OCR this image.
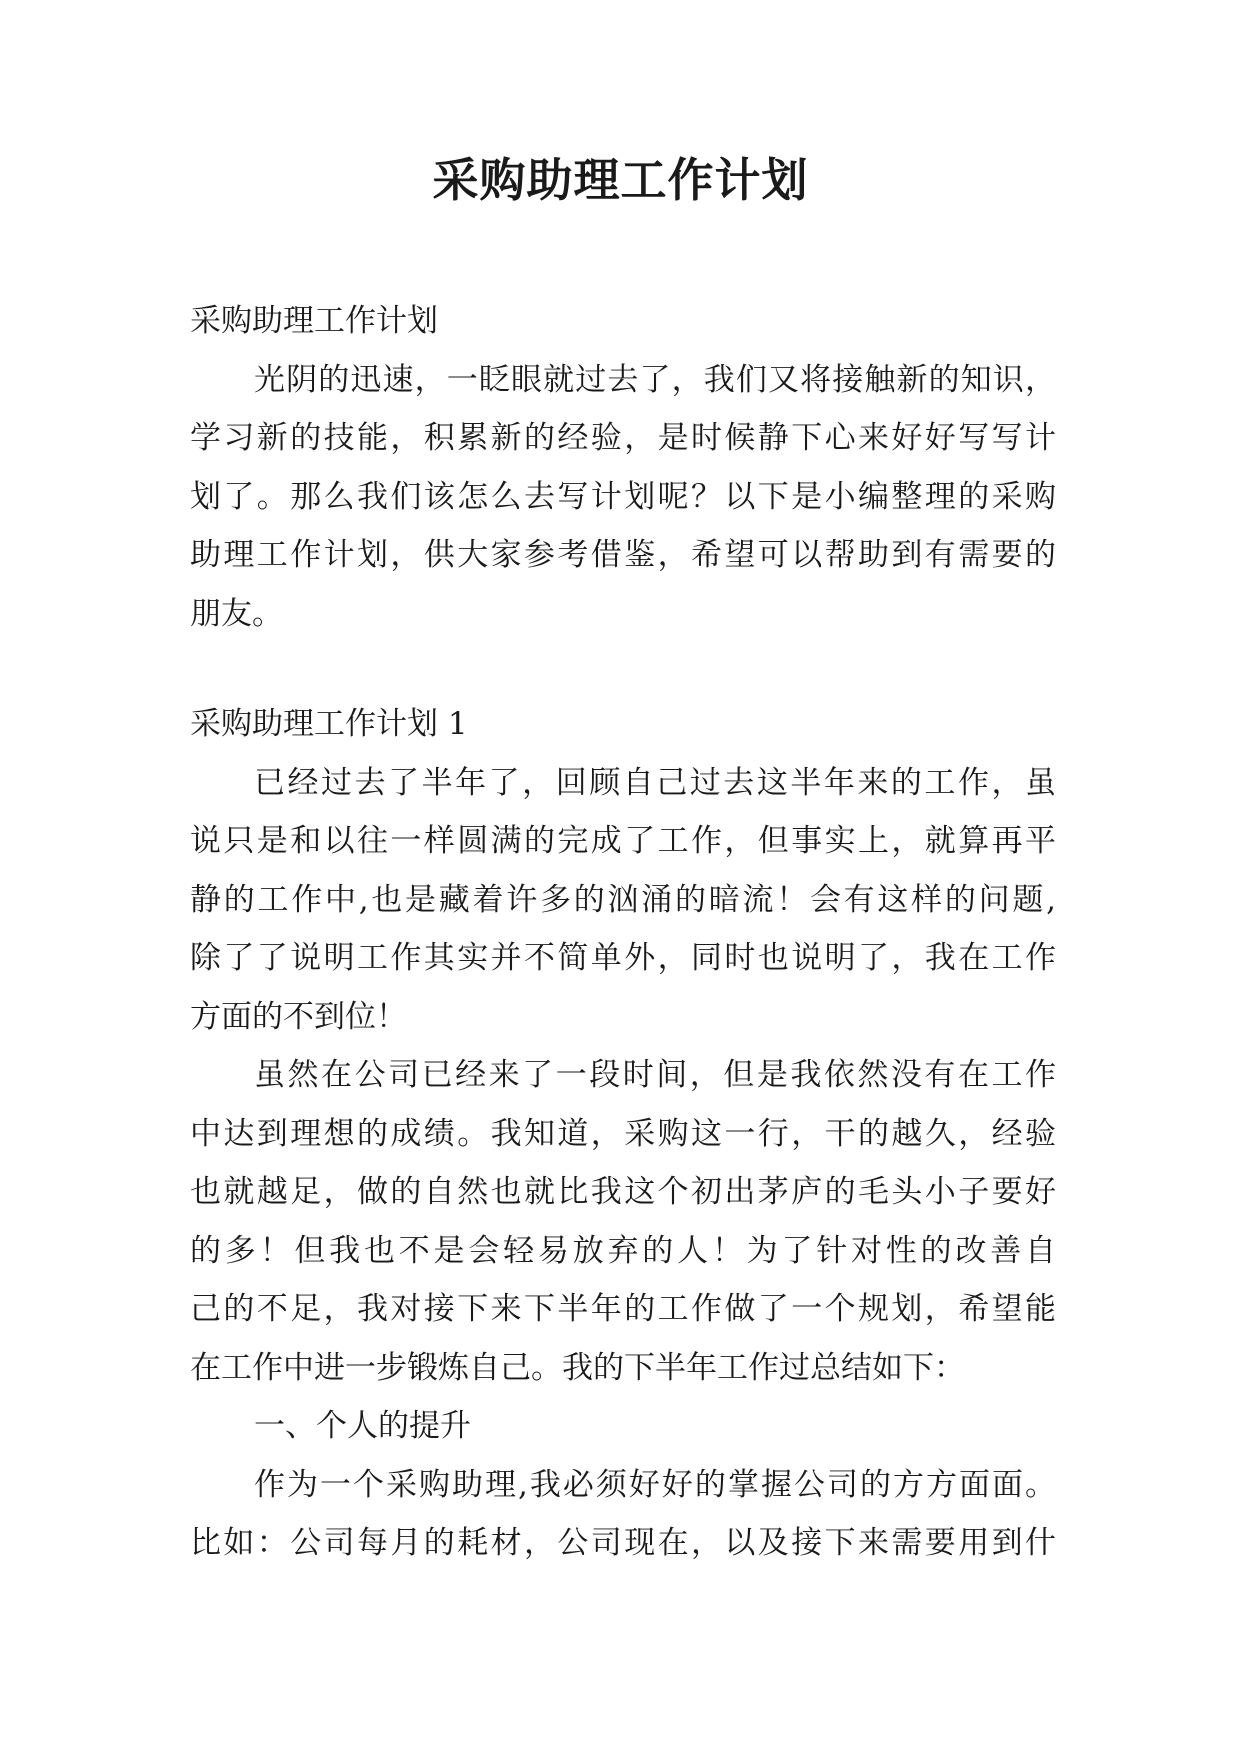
采购助理工作计划
采购助理工作计划
光阴的迅速，一眨眼就过去了，我们又将接触新的知识，
学习新的技能，积累新的经验，是时候静下心来好好写写计
划了。那么我们该怎么去写计划呢？以下是小编整理的采购
助理工作计划，供大家参考借鉴，希望可以帮助到有需要的
朋友。
采购助理工作计划 1
已经过去了半年了，回顾自己过去这半年来的工作，虽
说只是和以往一样圆满的完成了工作，但事实上，就算再平
静的工作中,也是藏着许多的汹涌的暗流！会有这样的问题,
除了了说明工作其实并不简单外，同时也说明了，我在工作
方面的不到位！
虽然在公司已经来了一段时间，但是我依然没有在工作
中达到理想的成绩。我知道，采购这一行，干的越久，经验
也就越足，做的自然也就比我这个初出茅庐的毛头小子要好
的多！但我也不是会轻易放弃的人！为了针对性的改善自
己的不足，我对接下来下半年的工作做了一个规划，希望能
在工作中进一步锻炼自己。我的下半年工作过总结如下：
一、个人的提升
作为一个采购助理,我必须好好的掌握公司的方方面面。
比如：公司每月的耗材，公司现在，以及接下来需要用到什
